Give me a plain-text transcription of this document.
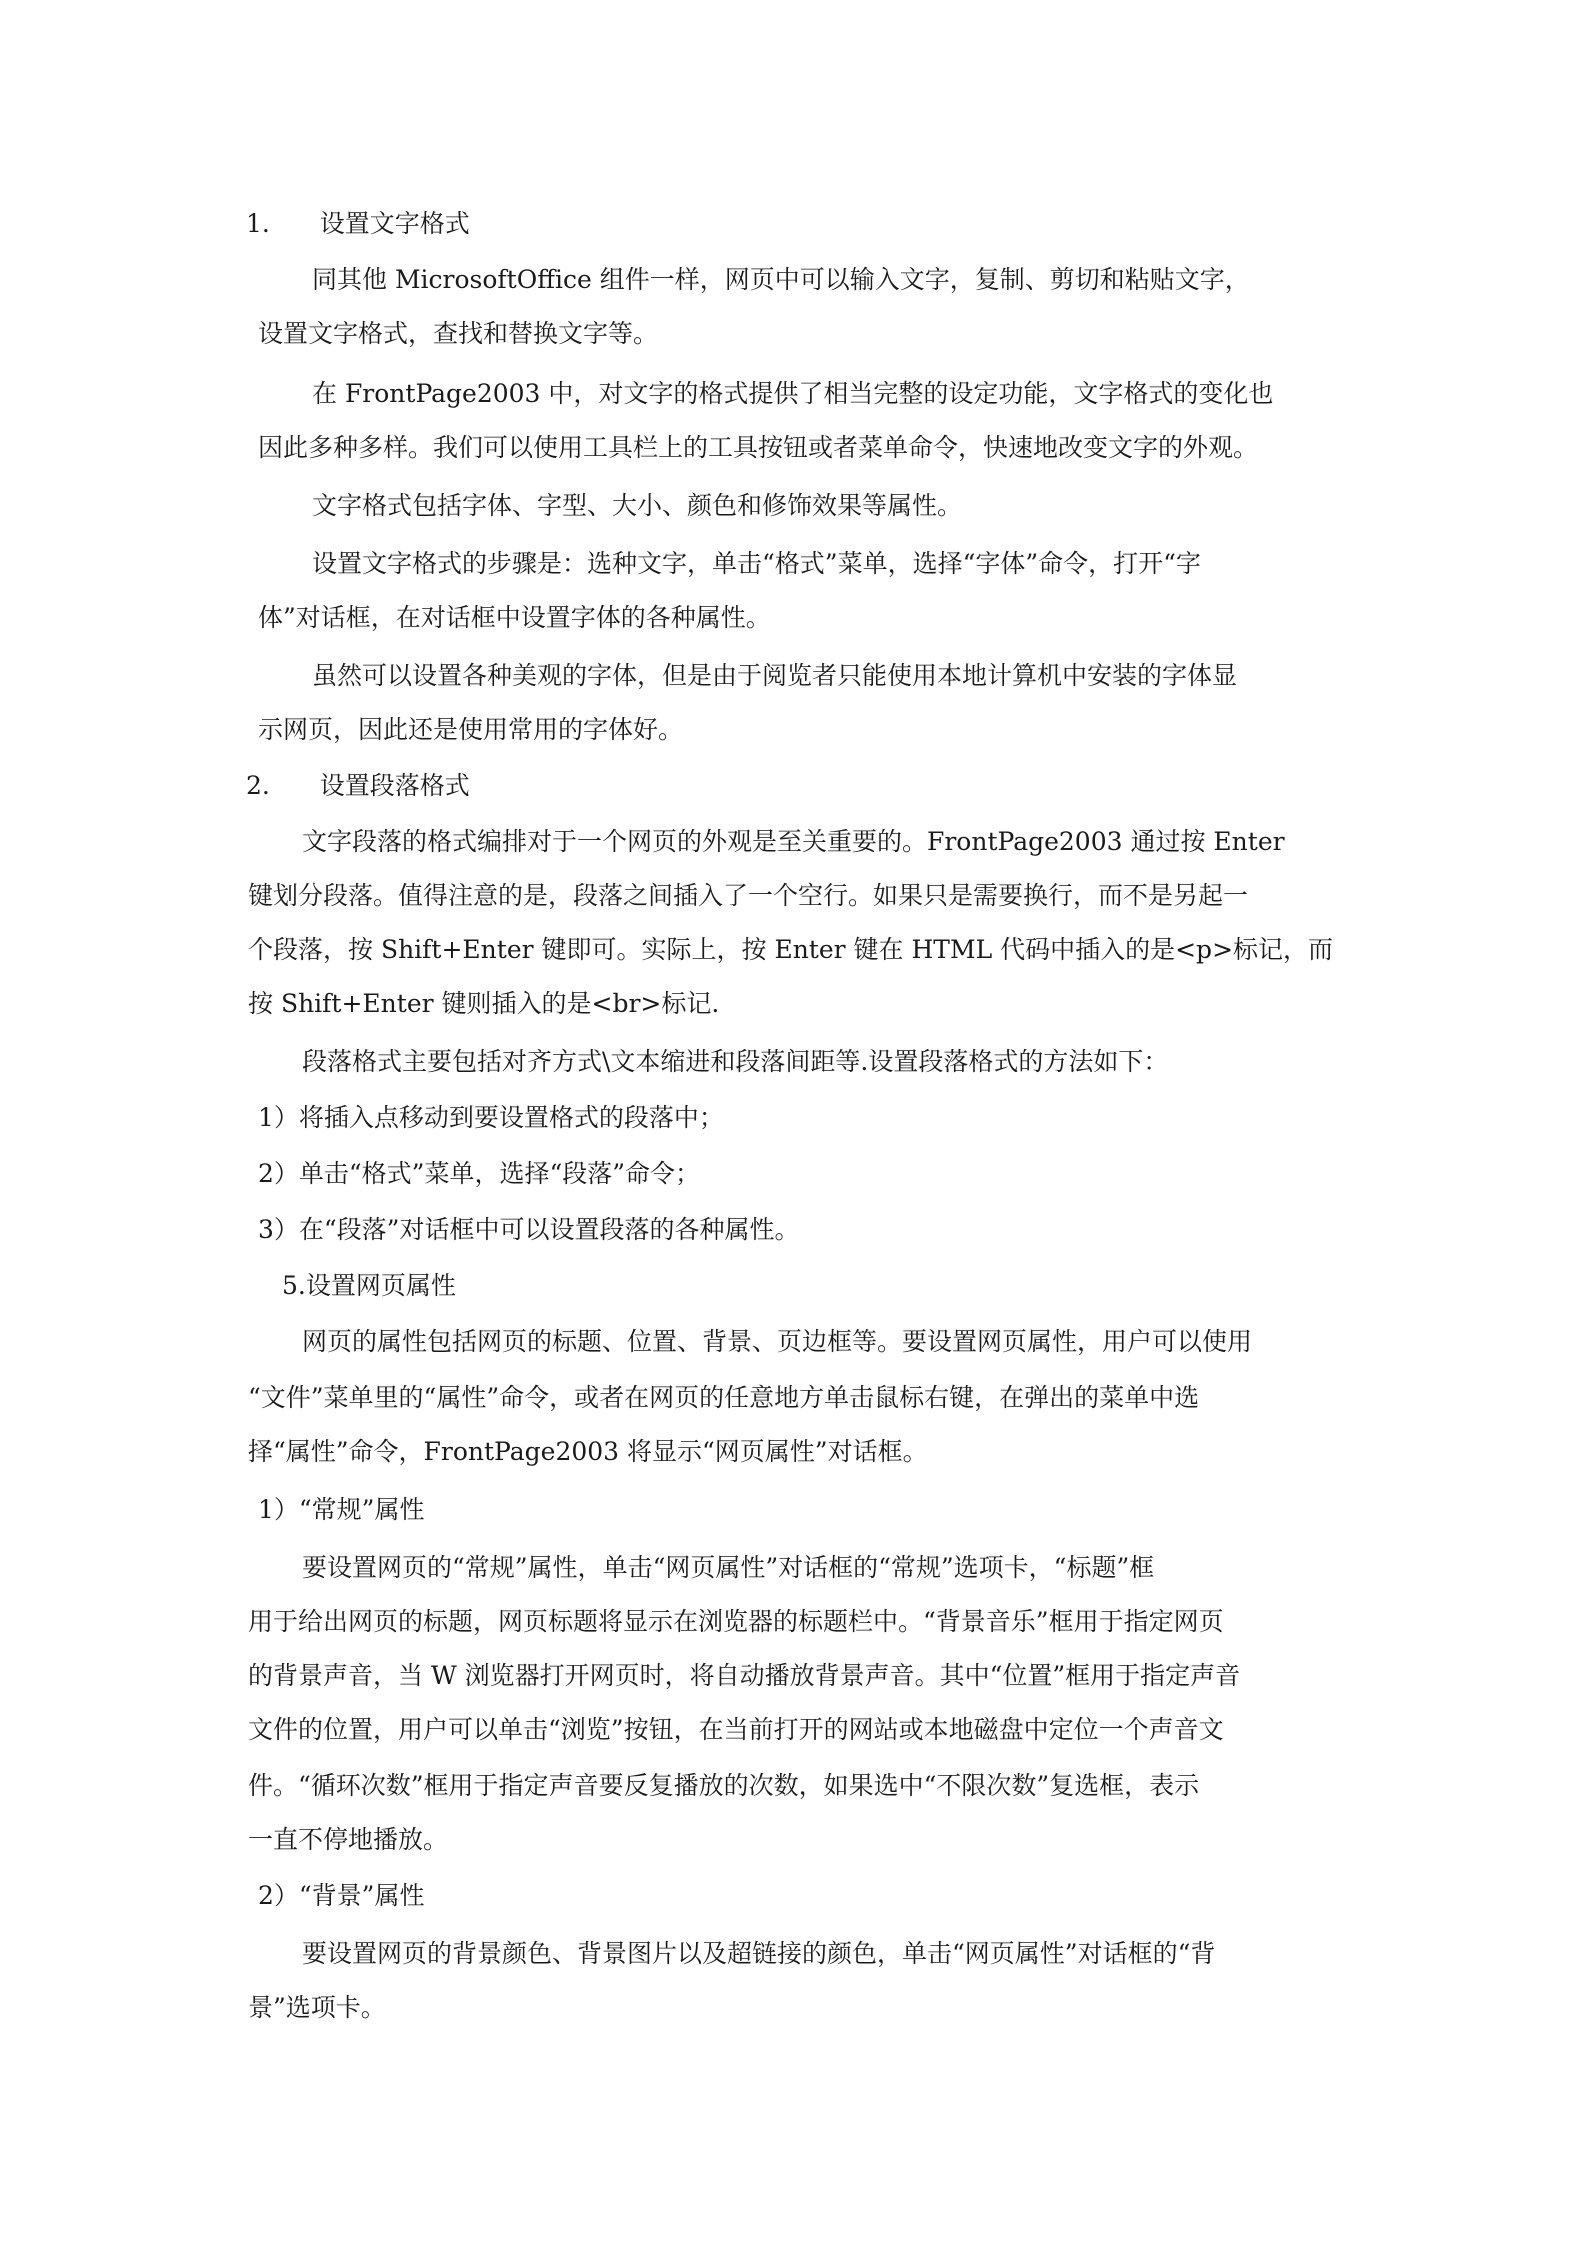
1. 设置文字格式
同其他 MicrosoftOffice 组件一样，网页中可以输入文字，复制、剪切和粘贴文字，
设置文字格式，查找和替换文字等。
在 FrontPage2003 中，对文字的格式提供了相当完整的设定功能，文字格式的变化也
因此多种多样。我们可以使用工具栏上的工具按钮或者菜单命令，快速地改变文字的外观。
文字格式包括字体、字型、大小、颜色和修饰效果等属性。
设置文字格式的步骤是：选种文字，单击“格式”菜单，选择“字体”命令，打开“字
体”对话框，在对话框中设置字体的各种属性。
虽然可以设置各种美观的字体，但是由于阅览者只能使用本地计算机中安装的字体显
示网页，因此还是使用常用的字体好。
2. 设置段落格式
文字段落的格式编排对于一个网页的外观是至关重要的。FrontPage2003 通过按 Enter
键划分段落。值得注意的是，段落之间插入了一个空行。如果只是需要换行，而不是另起一
个段落，按 Shift+Enter 键即可。实际上，按 Enter 键在 HTML 代码中插入的是<p>标记，而
按 Shift+Enter 键则插入的是<br>标记.
段落格式主要包括对齐方式\文本缩进和段落间距等.设置段落格式的方法如下：
1）将插入点移动到要设置格式的段落中；
2）单击“格式”菜单，选择“段落”命令；
3）在“段落”对话框中可以设置段落的各种属性。
5.设置网页属性
网页的属性包括网页的标题、位置、背景、页边框等。要设置网页属性，用户可以使用
“文件”菜单里的“属性”命令，或者在网页的任意地方单击鼠标右键，在弹出的菜单中选
择“属性”命令，FrontPage2003 将显示“网页属性”对话框。
1）“常规”属性
要设置网页的“常规”属性，单击“网页属性”对话框的“常规”选项卡，“标题”框
用于给出网页的标题，网页标题将显示在浏览器的标题栏中。“背景音乐”框用于指定网页
的背景声音，当 W 浏览器打开网页时，将自动播放背景声音。其中“位置”框用于指定声音
文件的位置，用户可以单击“浏览”按钮，在当前打开的网站或本地磁盘中定位一个声音文
件。“循环次数”框用于指定声音要反复播放的次数，如果选中“不限次数”复选框，表示
一直不停地播放。
2）“背景”属性
要设置网页的背景颜色、背景图片以及超链接的颜色，单击“网页属性”对话框的“背
景”选项卡。
